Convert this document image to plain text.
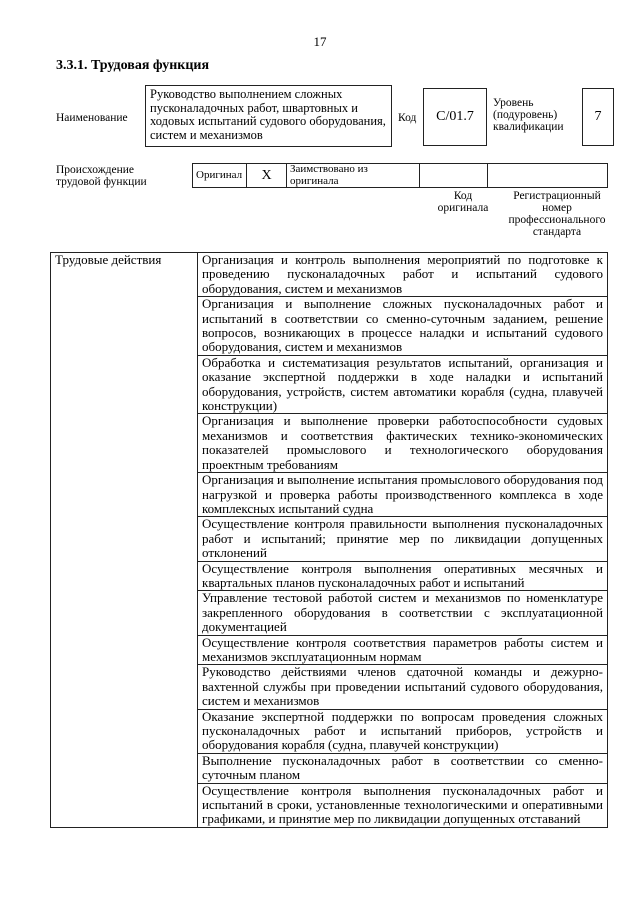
17
3.3.1. Трудовая функция
Наименование
Руководство выполнением сложных пусконаладочных работ, швартовных и ходовых испытаний судового оборудования, систем и механизмов
Код	C/01.7
Уровень (подуровень) квалификации
7
Происхождение трудовой функции
Оригинал	X	Заимствовано из оригинала		
Код оригинала
Регистрационный номер профессионального стандарта
Трудовые действия	Организация и контроль выполнения мероприятий по подготовке к проведению пусконаладочных работ и испытаний судового оборудования, систем и механизмов
Организация и выполнение сложных пусконаладочных работ и испытаний в соответствии со сменно-суточным заданием, решение вопросов, возникающих в процессе наладки и испытаний судового оборудования, систем и механизмов
Обработка и систематизация результатов испытаний, организация и оказание экспертной поддержки в ходе наладки и испытаний оборудования, устройств, систем автоматики корабля (судна, плавучей конструкции)
Организация и выполнение проверки работоспособности судовых механизмов и соответствия фактических технико-экономических показателей промыслового и технологического оборудования проектным требованиям
Организация и выполнение испытания промыслового оборудования под нагрузкой и проверка работы производственного комплекса в ходе комплексных испытаний судна
Осуществление контроля правильности выполнения пусконаладочных работ и испытаний; принятие мер по ликвидации допущенных отклонений
Осуществление контроля выполнения оперативных месячных и квартальных планов пусконаладочных работ и испытаний
Управление тестовой работой систем и механизмов по номенклатуре закрепленного оборудования в соответствии с эксплуатационной документацией
Осуществление контроля соответствия параметров работы систем и механизмов эксплуатационным нормам
Руководство действиями членов сдаточной команды и дежурно-вахтенной службы при проведении испытаний судового оборудования, систем и механизмов
Оказание экспертной поддержки по вопросам проведения сложных пусконаладочных работ и испытаний приборов, устройств и оборудования корабля (судна, плавучей конструкции)
Выполнение пусконаладочных работ в соответствии со сменно-суточным планом
Осуществление контроля выполнения пусконаладочных работ и испытаний в сроки, установленные технологическими и оперативными графиками, и принятие мер по ликвидации допущенных отставаний
